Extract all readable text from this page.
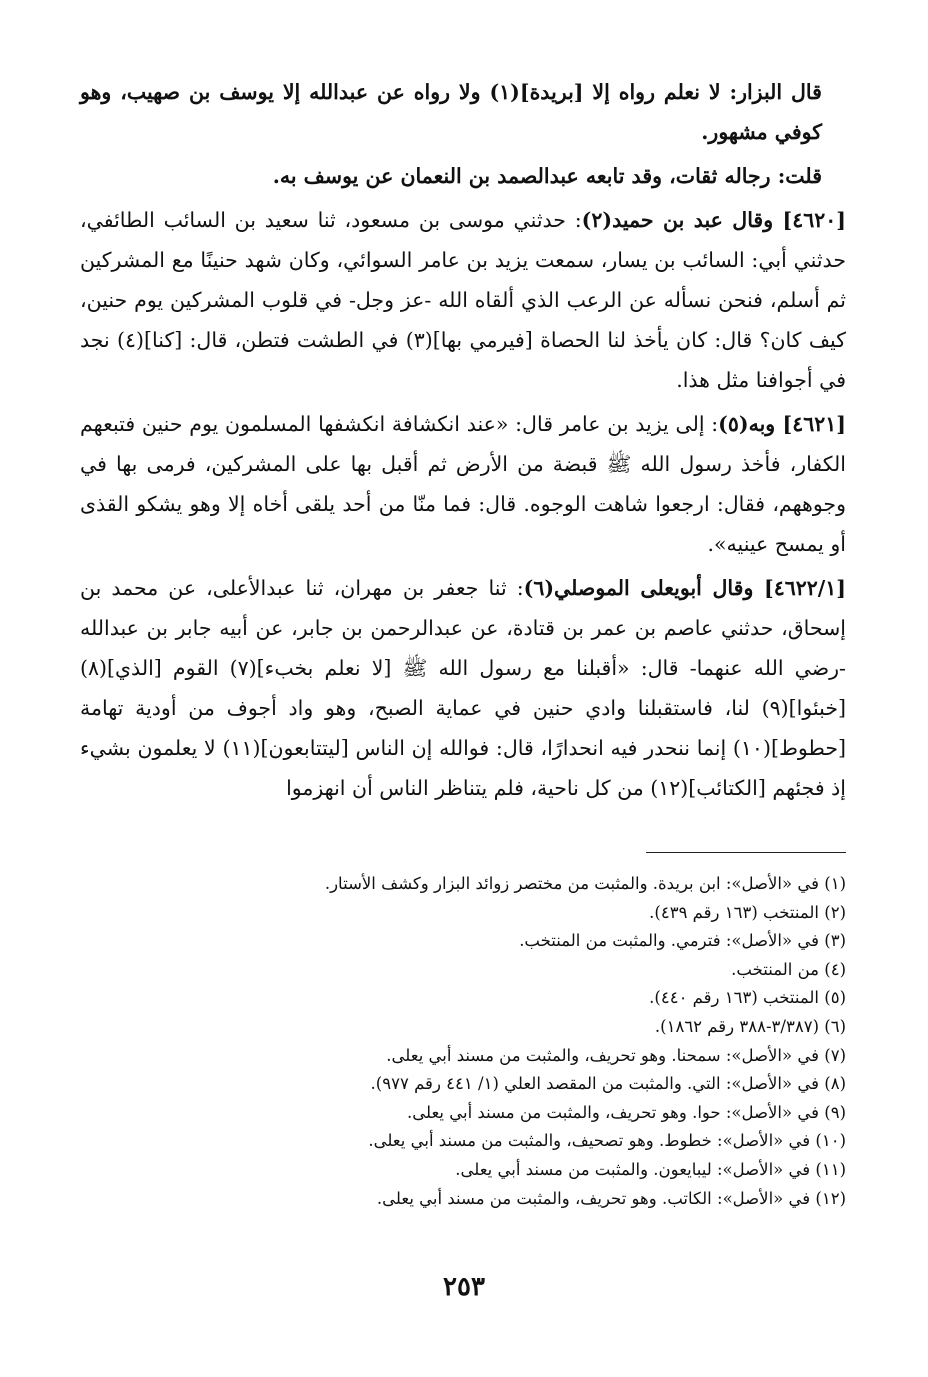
قال البزار: لا نعلم رواه إلا [بريدة](١) ولا رواه عن عبدالله إلا يوسف بن صهيب، وهو كوفي مشهور.

قلت: رجاله ثقات، وقد تابعه عبدالصمد بن النعمان عن يوسف به.

[٤٦٢٠] وقال عبد بن حميد(٢): حدثني موسى بن مسعود، ثنا سعيد بن السائب الطائفي، حدثني أبي: السائب بن يسار، سمعت يزيد بن عامر السوائي، وكان شهد حنينًا مع المشركين ثم أسلم، فنحن نسأله عن الرعب الذي ألقاه الله -عز وجل- في قلوب المشركين يوم حنين، كيف كان؟ قال: كان يأخذ لنا الحصاة [فيرمي بها](٣) في الطشت فتطن، قال: [كنا](٤) نجد في أجوافنا مثل هذا.

[٤٦٢١] وبه(٥): إلى يزيد بن عامر قال: «عند انكشافة انكشفها المسلمون يوم حنين فتبعهم الكفار، فأخذ رسول الله ﷺ قبضة من الأرض ثم أقبل بها على المشركين، فرمى بها في وجوههم، فقال: ارجعوا شاهت الوجوه. قال: فما منّا من أحد يلقى أخاه إلا وهو يشكو القذى أو يمسح عينيه».

[٤٦٢٢/١] وقال أبويعلى الموصلي(٦): ثنا جعفر بن مهران، ثنا عبدالأعلى، عن محمد بن إسحاق، حدثني عاصم بن عمر بن قتادة، عن عبدالرحمن بن جابر، عن أبيه جابر بن عبدالله -رضي الله عنهما- قال: «أقبلنا مع رسول الله ﷺ [لا نعلم بخبء](٧) القوم [الذي](٨) [خبئوا](٩) لنا، فاستقبلنا وادي حنين في عماية الصبح، وهو واد أجوف من أودية تهامة [حطوط](١٠) إنما ننحدر فيه انحدارًا، قال: فوالله إن الناس [ليتتابعون](١١) لا يعلمون بشيء إذ فجئهم [الكتائب](١٢) من كل ناحية، فلم يتناظر الناس أن انهزموا

(١) في «الأصل»: ابن بريدة. والمثبت من مختصر زوائد البزار وكشف الأستار.
(٢) المنتخب (١٦٣ رقم ٤٣٩).
(٣) في «الأصل»: فترمي. والمثبت من المنتخب.
(٤) من المنتخب.
(٥) المنتخب (١٦٣ رقم ٤٤٠).
(٦) (٣/٣٨٧-٣٨٨ رقم ١٨٦٢).
(٧) في «الأصل»: سمحنا. وهو تحريف، والمثبت من مسند أبي يعلى.
(٨) في «الأصل»: التي. والمثبت من المقصد العلي (١/ ٤٤١ رقم ٩٧٧).
(٩) في «الأصل»: حوا. وهو تحريف، والمثبت من مسند أبي يعلى.
(١٠) في «الأصل»: خطوط. وهو تصحيف، والمثبت من مسند أبي يعلى.
(١١) في «الأصل»: ليبايعون. والمثبت من مسند أبي يعلى.
(١٢) في «الأصل»: الكاتب. وهو تحريف، والمثبت من مسند أبي يعلى.
٢٥٣
